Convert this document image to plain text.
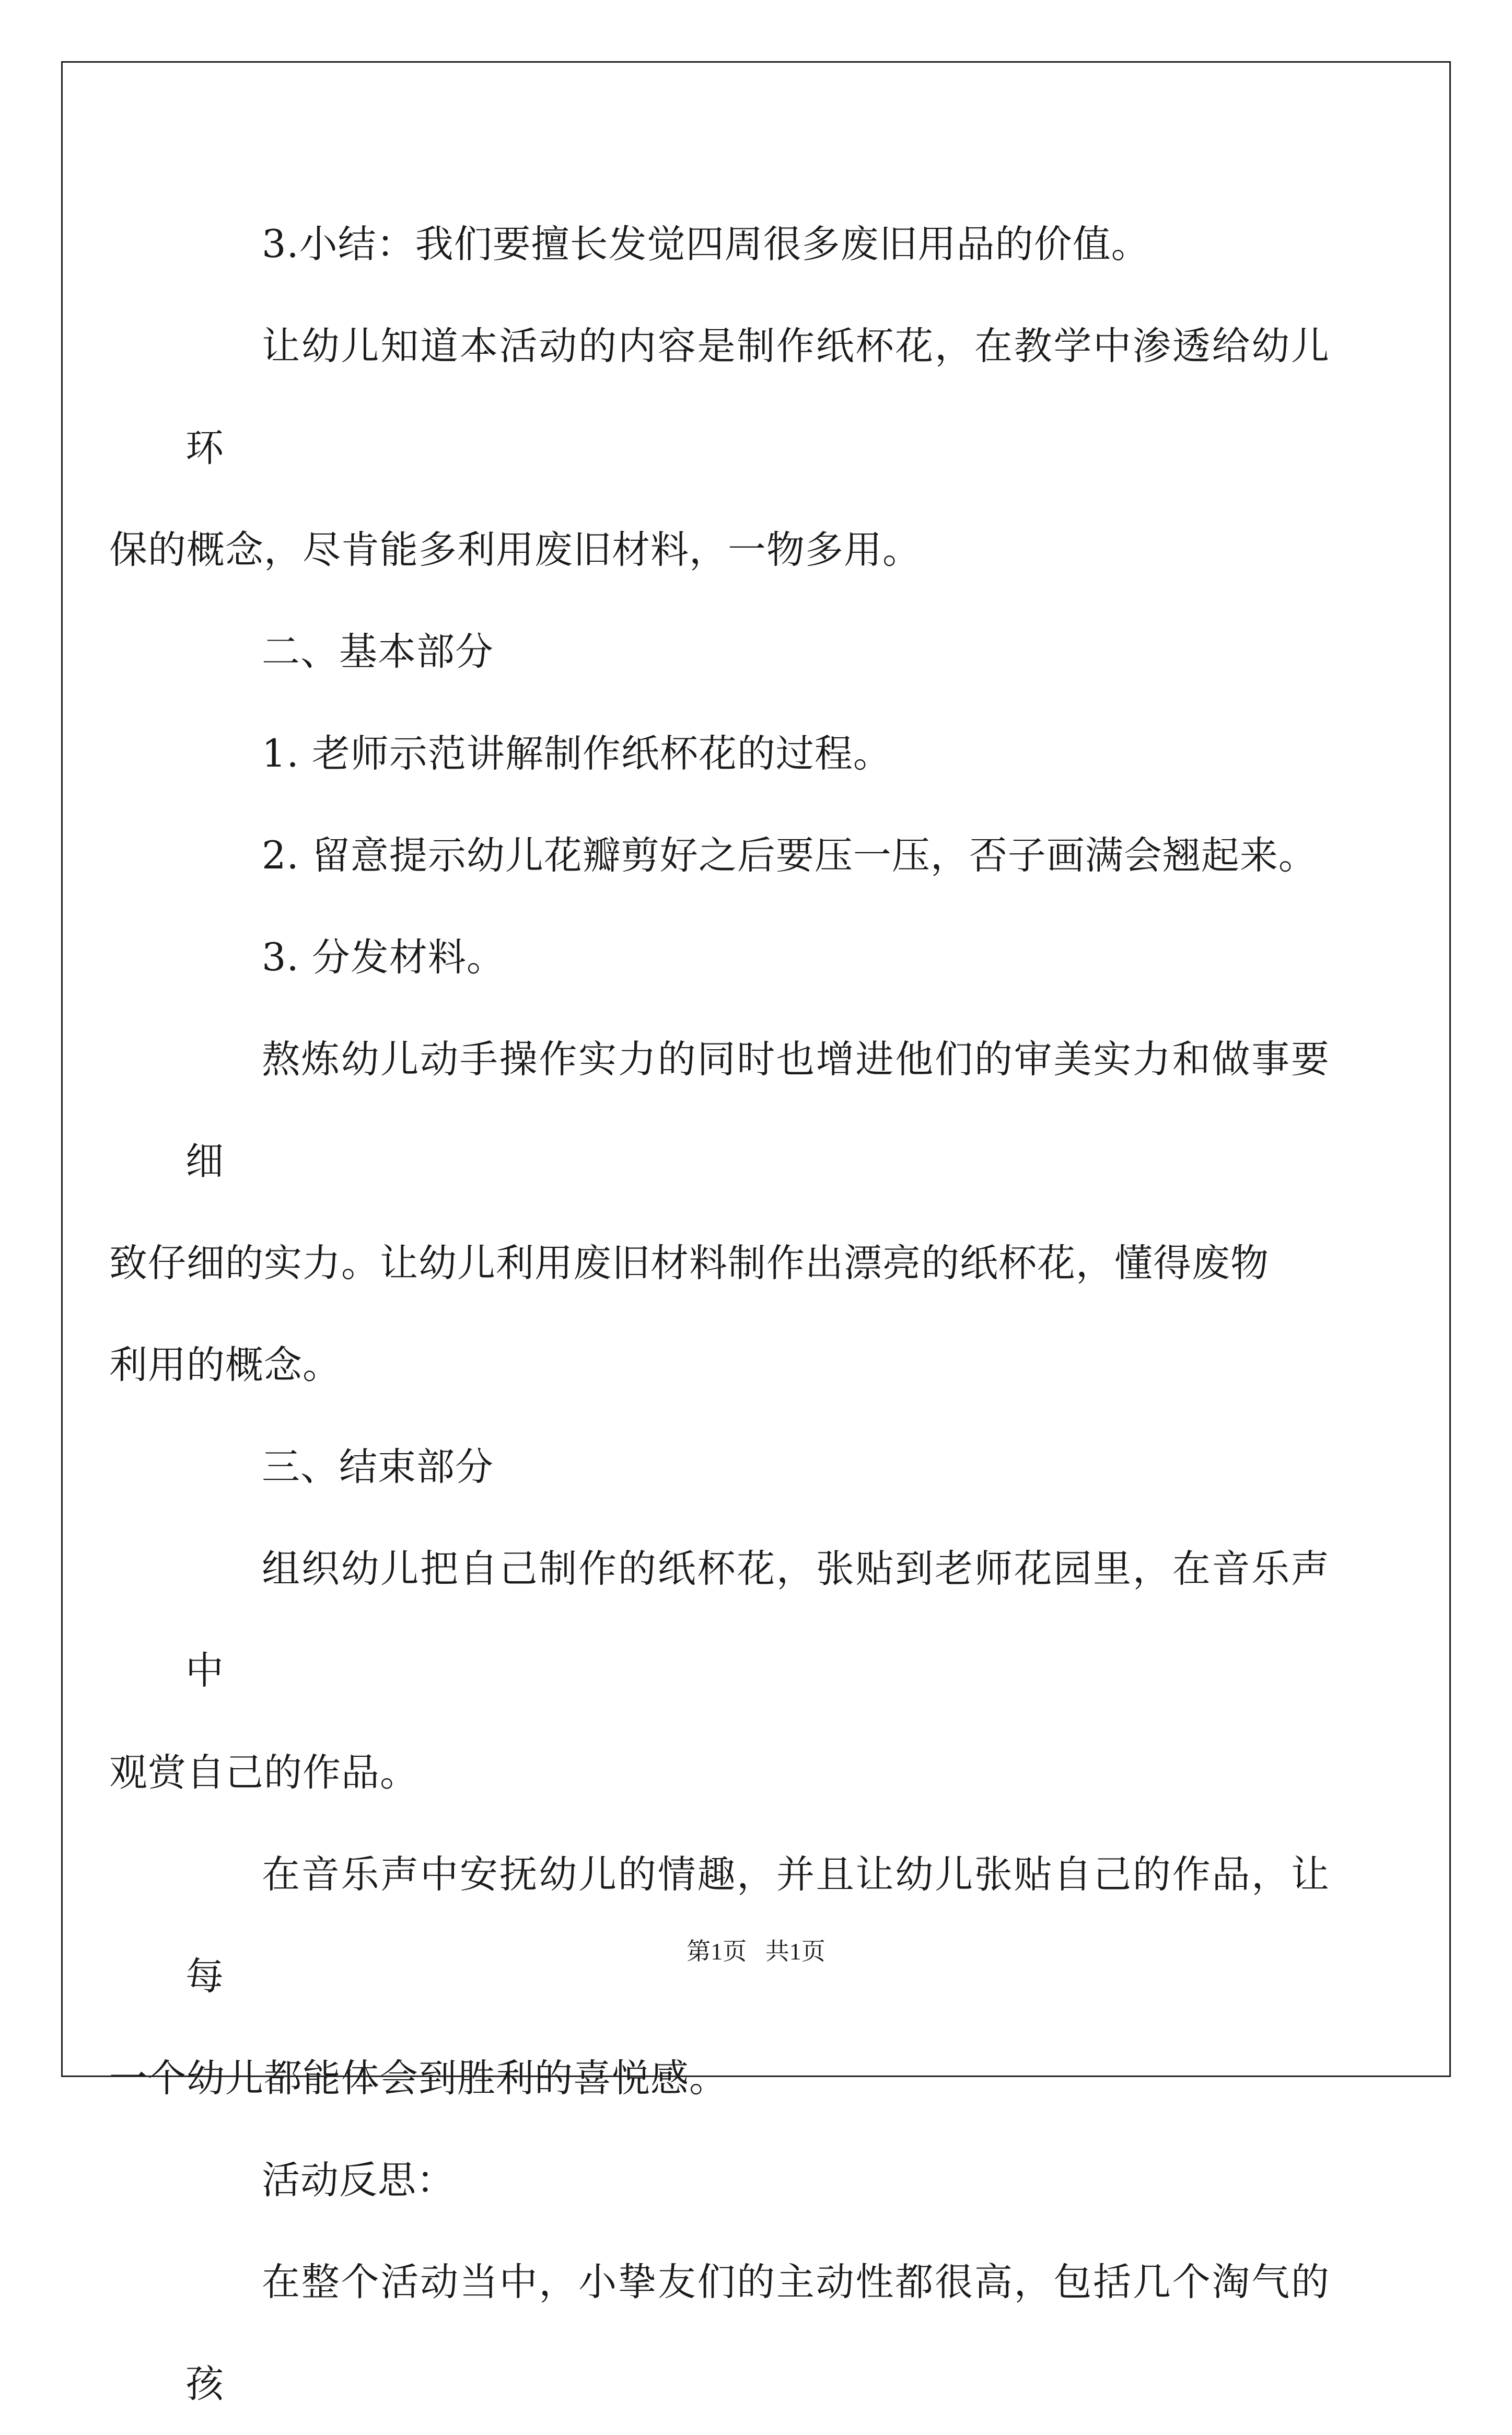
3.小结：我们要擅长发觉四周很多废旧用品的价值。

让幼儿知道本活动的内容是制作纸杯花，在教学中渗透给幼儿环
保的概念，尽肯能多利用废旧材料，一物多用。

二、基本部分

1. 老师示范讲解制作纸杯花的过程。

2. 留意提示幼儿花瓣剪好之后要压一压，否子画满会翘起来。

3. 分发材料。

熬炼幼儿动手操作实力的同时也增进他们的审美实力和做事要细
致仔细的实力。让幼儿利用废旧材料制作出漂亮的纸杯花，懂得废物
利用的概念。

三、结束部分

组织幼儿把自己制作的纸杯花，张贴到老师花园里，在音乐声中
观赏自己的作品。

在音乐声中安抚幼儿的情趣，并且让幼儿张贴自己的作品，让每
一个幼儿都能体会到胜利的喜悦感。

活动反思：

在整个活动当中，小挚友们的主动性都很高，包括几个淘气的孩

第1页 共1页
